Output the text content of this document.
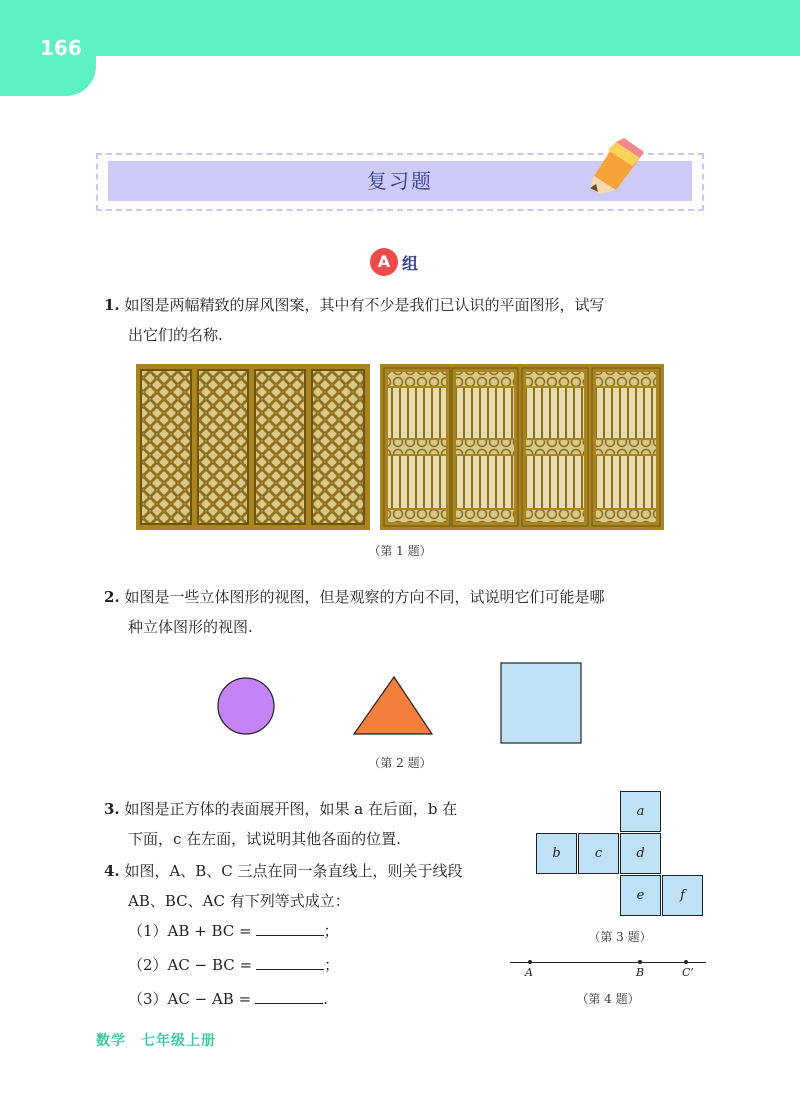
166
复习题
A 组
1. 如图是两幅精致的屏风图案，其中有不少是我们已认识的平面图形，试写
出它们的名称.
（第 1 题）
2. 如图是一些立体图形的视图，但是观察的方向不同，试说明它们可能是哪
种立体图形的视图.
（第 2 题）
3. 如图是正方体的表面展开图，如果 a 在后面，b 在
下面，c 在左面，试说明其他各面的位置.
4. 如图，A、B、C 三点在同一条直线上，则关于线段
AB、BC、AC 有下列等式成立：
（1）AB + BC =	；
（2）AC − BC =	；
（3）AC − AB =	.
a
b	c	d
e	f
（第 3 题）
A	B	C’
（第 4 题）
数学　七年级上册
